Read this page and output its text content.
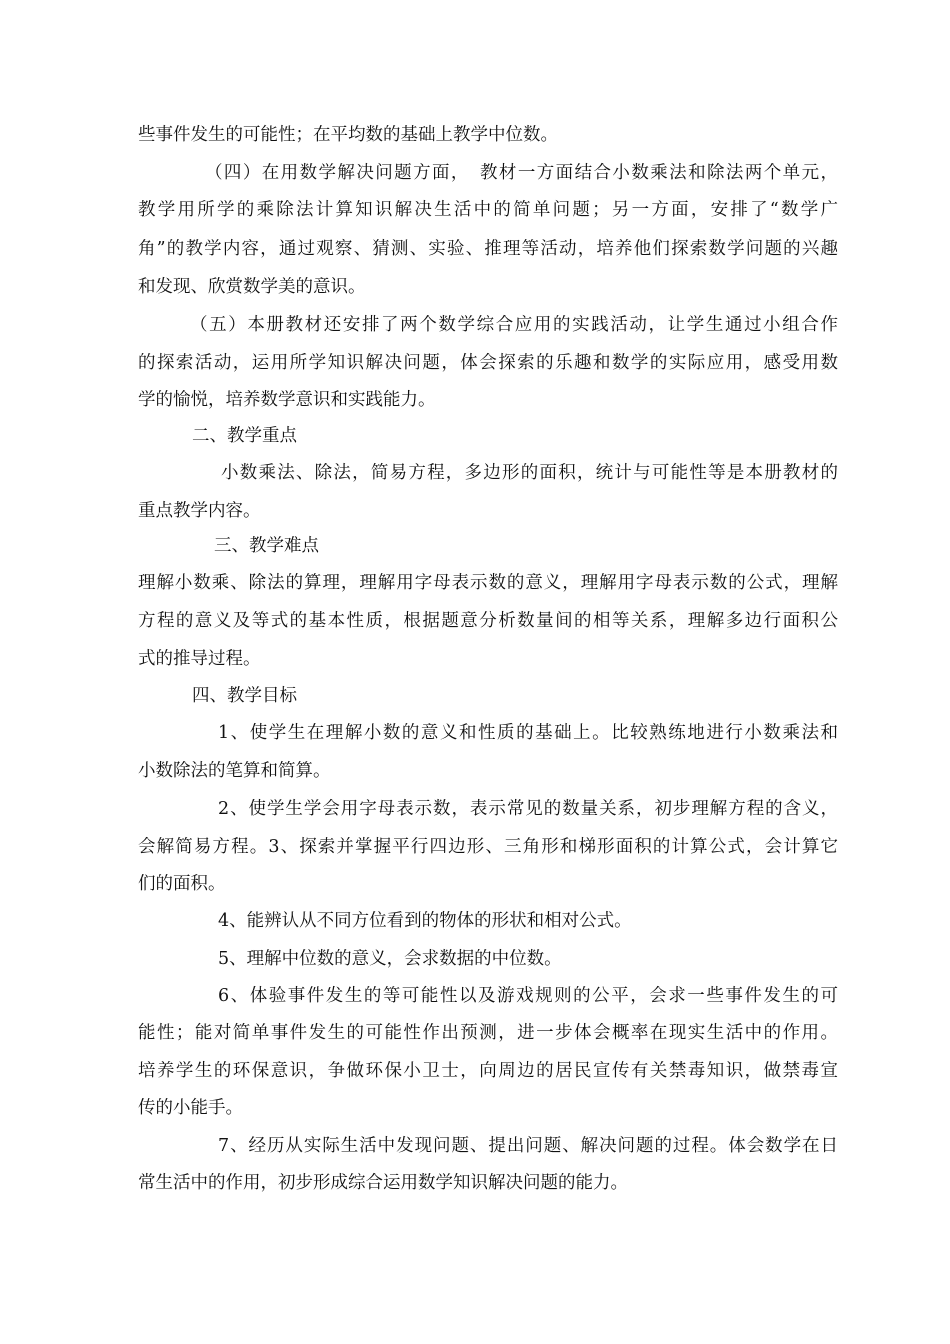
些事件发生的可能性；在平均数的基础上教学中位数。
（四）在用数学解决问题方面，　教材一方面结合小数乘法和除法两个单元，
教学用所学的乘除法计算知识解决生活中的简单问题；另一方面，安排了“数学广
角”的教学内容，通过观察、猜测、实验、推理等活动，培养他们探索数学问题的兴趣
和发现、欣赏数学美的意识。
（五）本册教材还安排了两个数学综合应用的实践活动，让学生通过小组合作
的探索活动，运用所学知识解决问题，体会探索的乐趣和数学的实际应用，感受用数
学的愉悦，培养数学意识和实践能力。
二、教学重点
小数乘法、除法，简易方程，多边形的面积，统计与可能性等是本册教材的
重点教学内容。
三、教学难点
理解小数乘、除法的算理，理解用字母表示数的意义，理解用字母表示数的公式，理解
方程的意义及等式的基本性质，根据题意分析数量间的相等关系，理解多边行面积公
式的推导过程。
四、教学目标
1、使学生在理解小数的意义和性质的基础上。比较熟练地进行小数乘法和
小数除法的笔算和简算。
2、使学生学会用字母表示数，表示常见的数量关系，初步理解方程的含义，
会解简易方程。3、探索并掌握平行四边形、三角形和梯形面积的计算公式，会计算它
们的面积。
4、能辨认从不同方位看到的物体的形状和相对公式。
5、理解中位数的意义，会求数据的中位数。
6、体验事件发生的等可能性以及游戏规则的公平，会求一些事件发生的可
能性；能对简单事件发生的可能性作出预测，进一步体会概率在现实生活中的作用。
培养学生的环保意识，争做环保小卫士，向周边的居民宣传有关禁毒知识，做禁毒宣
传的小能手。
7、经历从实际生活中发现问题、提出问题、解决问题的过程。体会数学在日
常生活中的作用，初步形成综合运用数学知识解决问题的能力。
